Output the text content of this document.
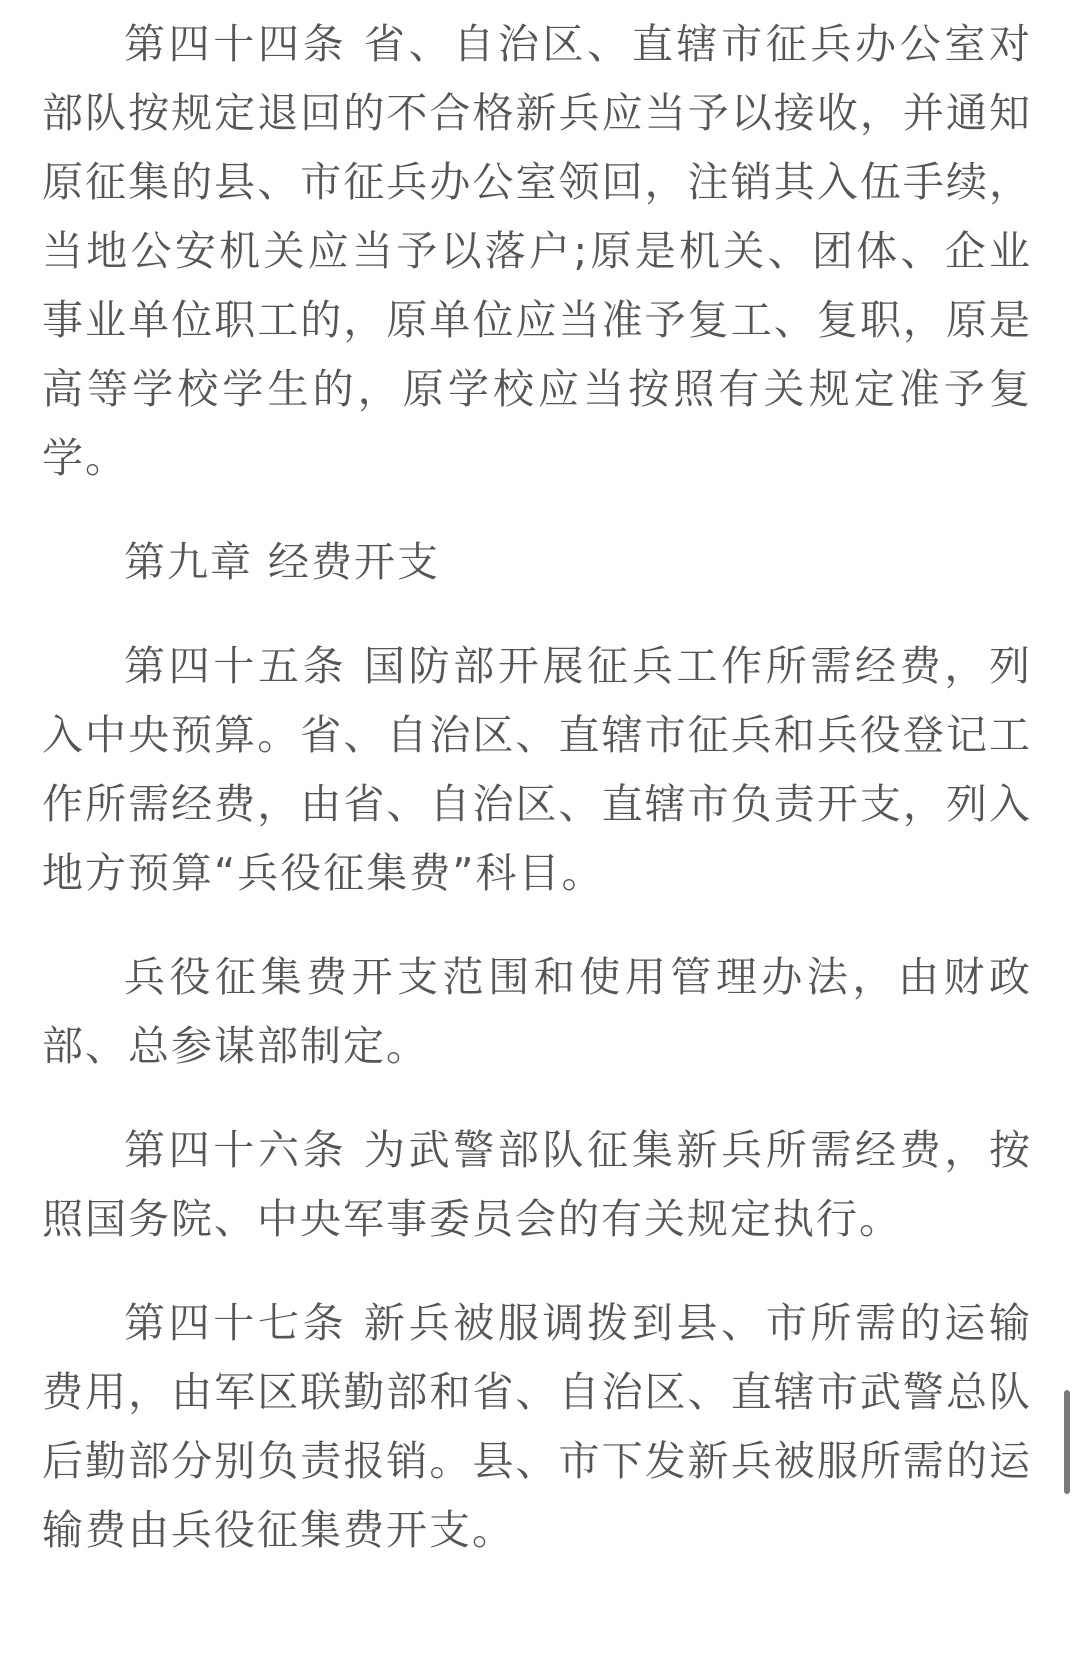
第四十四条 省、自治区、直辖市征兵办公室对部队按规定退回的不合格新兵应当予以接收，并通知原征集的县、市征兵办公室领回，注销其入伍手续，当地公安机关应当予以落户;原是机关、团体、企业事业单位职工的，原单位应当准予复工、复职，原是高等学校学生的，原学校应当按照有关规定准予复学。

第九章 经费开支

第四十五条 国防部开展征兵工作所需经费，列入中央预算。省、自治区、直辖市征兵和兵役登记工作所需经费，由省、自治区、直辖市负责开支，列入地方预算“兵役征集费”科目。

兵役征集费开支范围和使用管理办法，由财政部、总参谋部制定。

第四十六条 为武警部队征集新兵所需经费，按照国务院、中央军事委员会的有关规定执行。

第四十七条 新兵被服调拨到县、市所需的运输费用，由军区联勤部和省、自治区、直辖市武警总队后勤部分别负责报销。县、市下发新兵被服所需的运输费由兵役征集费开支。
